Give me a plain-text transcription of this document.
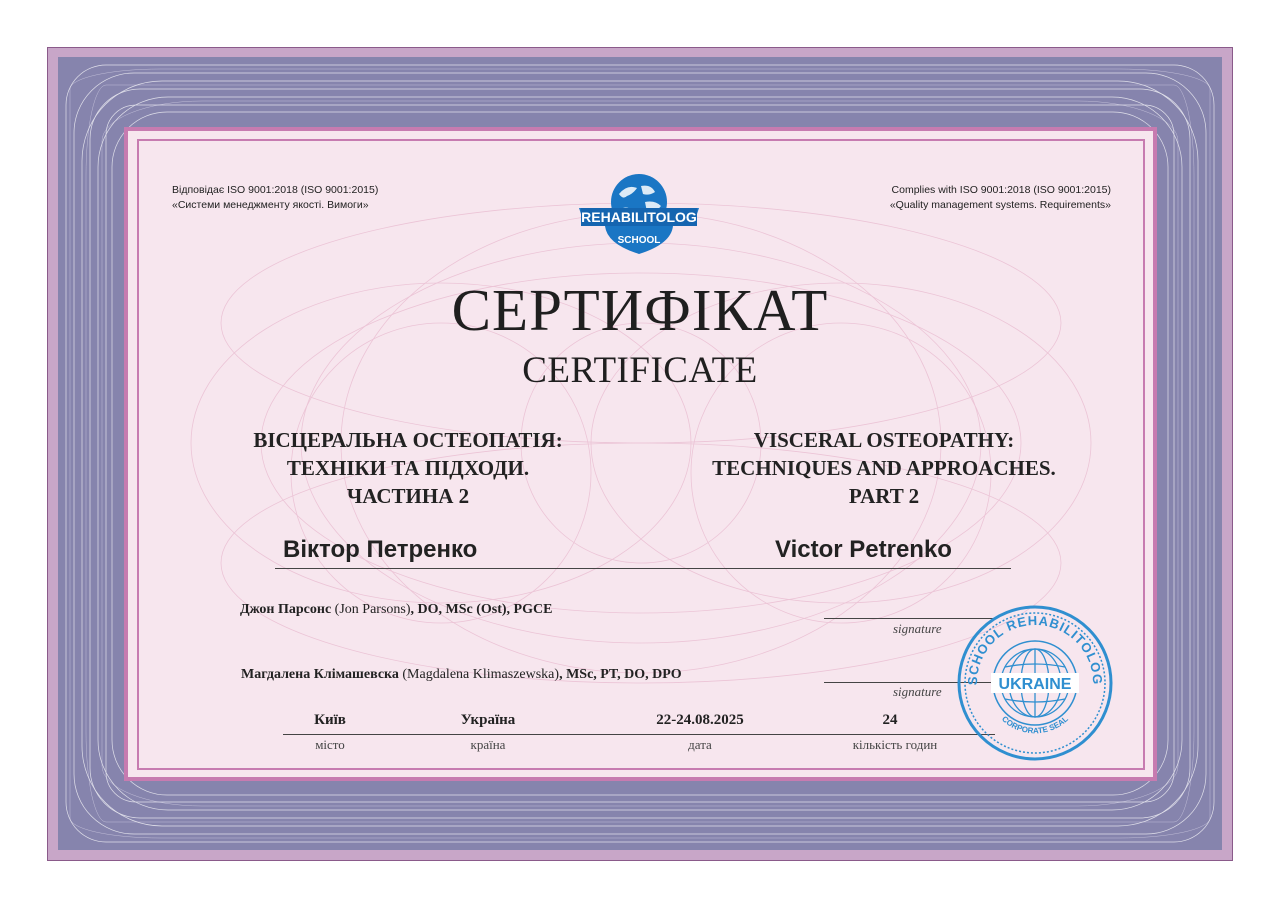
Відповідає ISO 9001:2018 (ISO 9001:2015)
«Системи менеджменту якості. Вимоги»
Complies with ISO 9001:2018 (ISO 9001:2015)
«Quality management systems. Requirements»
REHABILITOLOG
SCHOOL
СЕРТИФІКАТ
CERTIFICATE
ВІСЦЕРАЛЬНА ОСТЕОПАТІЯ:
ТЕХНІКИ ТА ПІДХОДИ.
ЧАСТИНА 2
VISCERAL OSTEOPATHY:
TECHNIQUES AND APPROACHES.
PART 2
Віктор Петренко	Victor Petrenko
Джон Парсонс (Jon Parsons), DO, MSc (Ost), PGCE
signature
Магдалена Клімашевска (Magdalena Klimaszewska), MSc, PT, DO, DPO
signature
Київ	Україна	22-24.08.2025	24
місто	країна	дата	кількість годин
UKRAINE
SCHOOL REHABILITOLOG
CORPORATE SEAL
